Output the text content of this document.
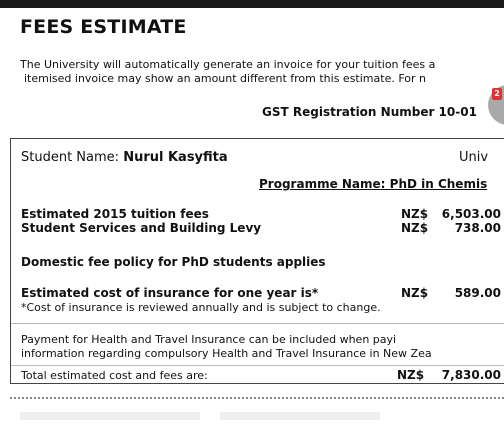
FEES ESTIMATE
The University will automatically generate an invoice for your tuition fees a
itemised invoice may show an amount different from this estimate. For n
GST Registration Number 10-01
2
Student Name: Nurul Kasyfita	Univ
Programme Name: PhD in Chemis
Estimated 2015 tuition fees	NZ$	6,503.00
Student Services and Building Levy	NZ$	738.00
Domestic fee policy for PhD students applies
Estimated cost of insurance for one year is*	NZ$	589.00
*Cost of insurance is reviewed annually and is subject to change.
Payment for Health and Travel Insurance can be included when payi
information regarding compulsory Health and Travel Insurance in New Zea
Total estimated cost and fees are:	NZ$	7,830.00
